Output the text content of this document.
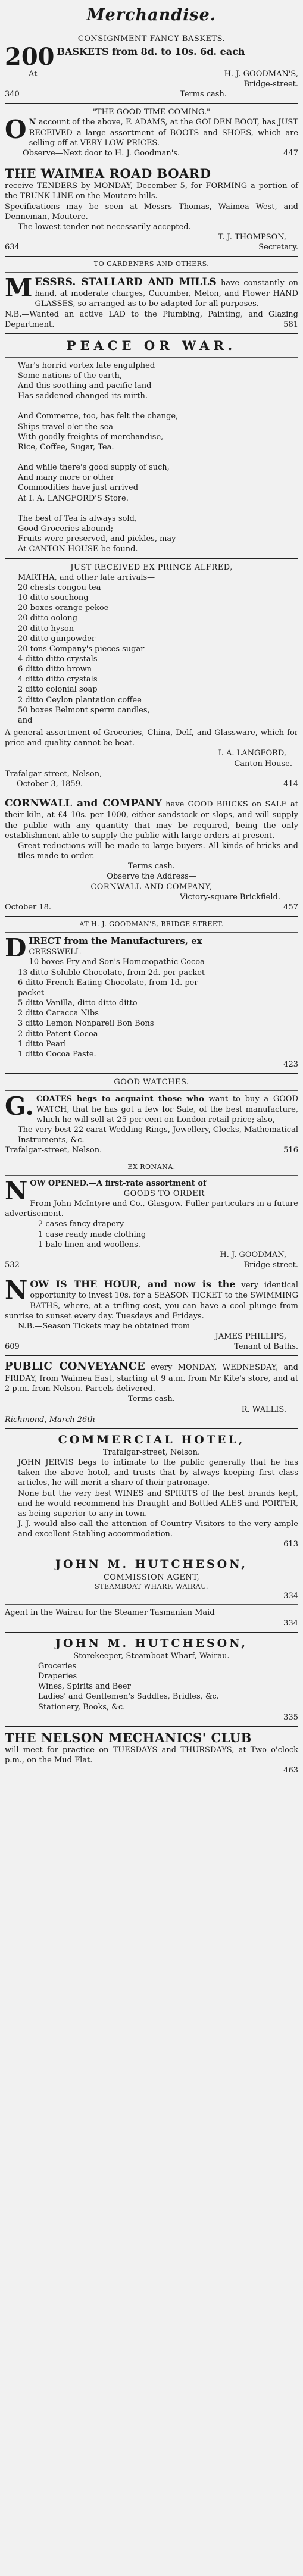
Merchandise.
CONSIGNMENT FANCY BASKETS.
200 BASKETS from 8d. to 10s. 6d. each
At	H. J. GOODMAN'S,
Bridge-street.
340	Terms cash.
"THE GOOD TIME COMING."

O N account of the above, F. ADAMS, at the GOLDEN BOOT, has JUST RECEIVED a large assortment of BOOTS and SHOES, which are selling off at VERY LOW PRICES.

Observe—Next door to H. J. Goodman's.	447
THE WAIMEA ROAD BOARD

receive TENDERS by MONDAY, December 5, for FORMING a portion of the TRUNK LINE on the Moutere hills.

Specifications may be seen at Messrs Thomas, Waimea West, and Denneman, Moutere.

The lowest tender not necessarily accepted.

T. J. THOMPSON,
634	Secretary.
TO GARDENERS AND OTHERS.

MESSRS. STALLARD AND MILLS have constantly on hand, at moderate charges, Cucumber, Melon, and Flower HAND GLASSES, so arranged as to be adapted for all purposes.

N.B.—Wanted an active LAD to the Plumbing, Painting, and Glazing Department.	581

PEACE OR WAR.
War's horrid vortex late engulphed
Some nations of the earth,
And this soothing and pacific land
Has saddened changed its mirth.

And Commerce, too, has felt the change,
Ships travel o'er the sea
With goodly freights of merchandise,
Rice, Coffee, Sugar, Tea.

And while there's good supply of such,
And many more or other
Commodities have just arrived
At I. A. LANGFORD'S Store.

The best of Tea is always sold,
Good Groceries abound;
Fruits were preserved, and pickles, may
At CANTON HOUSE be found.
JUST RECEIVED EX PRINCE ALFRED,
MARTHA, and other late arrivals—
20 chests congou tea
10 ditto souchong
20 boxes orange pekoe
20 ditto oolong
20 ditto hyson
20 ditto gunpowder
20 tons Company's pieces sugar
4 ditto ditto crystals
6 ditto ditto brown
4 ditto ditto crystals
2 ditto colonial soap
2 ditto Ceylon plantation coffee
50 boxes Belmont sperm candles,
and

A general assortment of Groceries, China, Delf, and Glassware, which for price and quality cannot be beat.

I. A. LANGFORD,
Canton House.
Trafalgar-street, Nelson,
October 3, 1859.	414

CORNWALL and COMPANY have GOOD BRICKS on SALE at their kiln, at £4 10s. per 1000, either sandstock or slops, and will supply the public with any quantity that may be required, being the only establishment able to supply the public with large orders at present.

Great reductions will be made to large buyers. All kinds of bricks and tiles made to order.

Terms cash.
Observe the Address—
CORNWALL AND COMPANY,
Victory-square Brickfield.
October 18.	457
AT H. J. GOODMAN'S, BRIDGE STREET.

DIRECT from the Manufacturers, ex

CRESSWELL—
10 boxes Fry and Son's Homœopathic Cocoa
13 ditto Soluble Chocolate, from 2d. per packet
6 ditto French Eating Chocolate, from 1d. per
packet
5 ditto Vanilla, ditto ditto ditto
2 ditto Caracca Nibs
3 ditto Lemon Nonpareil Bon Bons
2 ditto Patent Cocoa
1 ditto Pearl
1 ditto Cocoa Paste.
423
GOOD WATCHES.

G. COATES begs to acquaint those who want to buy a GOOD WATCH, that he has got a few for Sale, of the best manufacture, which he will sell at 25 per cent on London retail price; also,

The very best 22 carat Wedding Rings, Jewellery, Clocks, Mathematical Instruments, &c.

Trafalgar-street, Nelson.	516
EX RONANA.

NOW OPENED.—A first-rate assortment of

GOODS TO ORDER

From John McIntyre and Co., Glasgow. Fuller particulars in a future advertisement.

2 cases fancy drapery
1 case ready made clothing
1 bale linen and woollens.
H. J. GOODMAN,
532	Bridge-street.

NOW IS THE HOUR, and now is the very identical opportunity to invest 10s. for a SEASON TICKET to the SWIMMING BATHS, where, at a trifling cost, you can have a cool plunge from sunrise to sunset every day. Tuesdays and Fridays.

N.B.—Season Tickets may be obtained from

JAMES PHILLIPS,
609	Tenant of Baths.

PUBLIC CONVEYANCE every MONDAY, WEDNESDAY, and FRIDAY, from Waimea East, starting at 9 a.m. from Mr Kite's store, and at 2 p.m. from Nelson. Parcels delivered.

Terms cash.
R. WALLIS.
Richmond, March 26th
COMMERCIAL HOTEL,
Trafalgar-street, Nelson.

JOHN JERVIS begs to intimate to the public generally that he has taken the above hotel, and trusts that by always keeping first class articles, he will merit a share of their patronage.

None but the very best WINES and SPIRITS of the best brands kept, and he would recommend his Draught and Bottled ALES and PORTER, as being superior to any in town.

J. J. would also call the attention of Country Visitors to the very ample and excellent Stabling accommodation.

613
JOHN M. HUTCHESON,
COMMISSION AGENT,
STEAMBOAT WHARF, WAIRAU.
334
Agent in the Wairau for the Steamer Tasmanian Maid
334
JOHN M. HUTCHESON,
Storekeeper, Steamboat Wharf, Wairau.
Groceries
Draperies
Wines, Spirits and Beer
Ladies' and Gentlemen's Saddles, Bridles, &c.
Stationery, Books, &c.
335
THE NELSON MECHANICS' CLUB

will meet for practice on TUESDAYS and THURSDAYS, at Two o'clock p.m., on the Mud Flat.

463
